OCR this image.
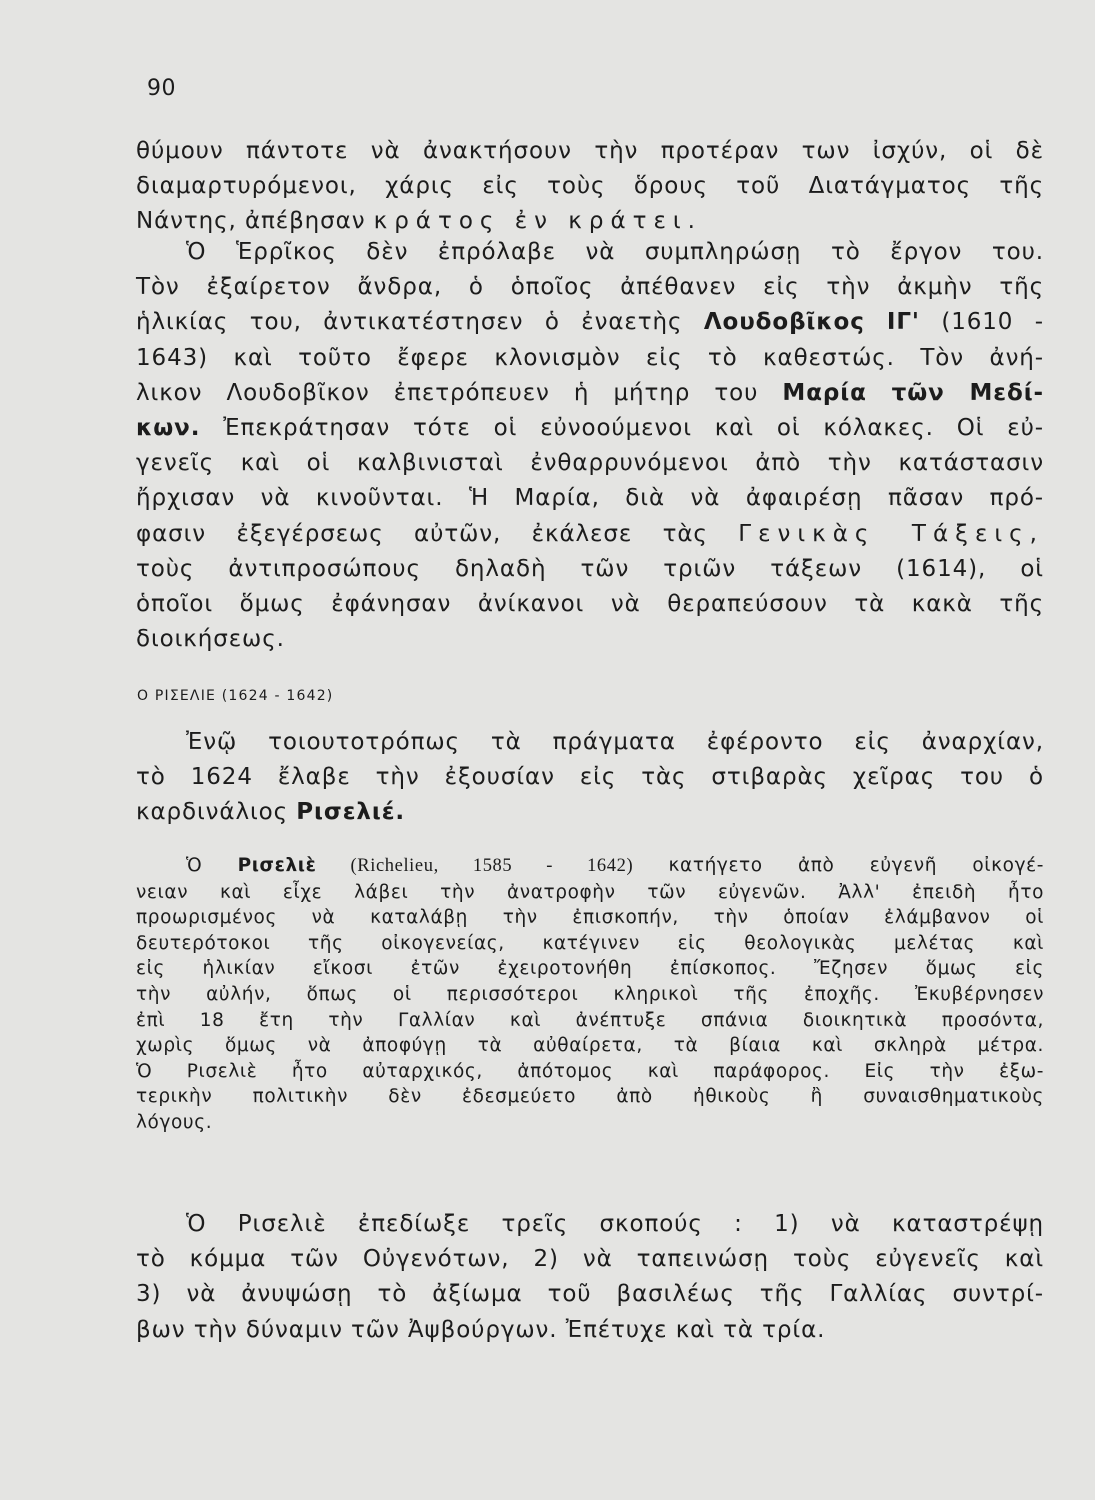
90

θύμουν πάντοτε νὰ ἀνακτήσουν τὴν προτέραν των ἰσχύν, οἱ δὲ
διαμαρτυρόμενοι, χάρις εἰς τοὺς ὅρους τοῦ Διατάγματος τῆς
Νάντης, ἀπέβησαν κράτος ἐν κράτει.

Ὁ Ἑρρῖκος δὲν ἐπρόλαβε νὰ συμπληρώσῃ τὸ ἔργον του.
Τὸν ἐξαίρετον ἄνδρα, ὁ ὁποῖος ἀπέθανεν εἰς τὴν ἀκμὴν τῆς
ἡλικίας του, ἀντικατέστησεν ὁ ἐναετὴς Λουδοβῖκος ΙΓ' (1610 -
1643) καὶ τοῦτο ἔφερε κλονισμὸν εἰς τὸ καθεστώς. Τὸν ἀνή-
λικον Λουδοβῖκον ἐπετρόπευεν ἡ μήτηρ του Μαρία τῶν Μεδί-
κων. Ἐπεκράτησαν τότε οἱ εὐνοούμενοι καὶ οἱ κόλακες. Οἱ εὐ-
γενεῖς καὶ οἱ καλβινισταὶ ἐνθαρρυνόμενοι ἀπὸ τὴν κατάστασιν
ἤρχισαν νὰ κινοῦνται. Ἡ Μαρία, διὰ νὰ ἀφαιρέσῃ πᾶσαν πρό-
φασιν ἐξεγέρσεως αὐτῶν, ἐκάλεσε τὰς Γενικὰς Τάξεις,
τοὺς ἀντιπροσώπους δηλαδὴ τῶν τριῶν τάξεων (1614), οἱ
ὁποῖοι ὅμως ἐφάνησαν ἀνίκανοι νὰ θεραπεύσουν τὰ κακὰ τῆς
διοικήσεως.

Ο ΡΙΣΕΛΙΕ (1624 - 1642)

Ἐνῷ τοιουτοτρόπως τὰ πράγματα ἐφέροντο εἰς ἀναρχίαν,
τὸ 1624 ἔλαβε τὴν ἐξουσίαν εἰς τὰς στιβαρὰς χεῖρας του ὁ
καρδινάλιος Ρισελιέ.

Ὁ Ρισελιὲ (Richelieu, 1585 - 1642) κατήγετο ἀπὸ εὐγενῆ οἰκογέ-
νειαν καὶ εἶχε λάβει τὴν ἀνατροφὴν τῶν εὐγενῶν. Ἀλλ' ἐπειδὴ ἦτο
προωρισμένος νὰ καταλάβῃ τὴν ἐπισκοπήν, τὴν ὁποίαν ἐλάμβανον οἱ
δευτερότοκοι τῆς οἰκογενείας, κατέγινεν εἰς θεολογικὰς μελέτας καὶ
εἰς ἡλικίαν εἴκοσι ἐτῶν ἐχειροτονήθη ἐπίσκοπος. Ἔζησεν ὅμως εἰς
τὴν αὐλήν, ὅπως οἱ περισσότεροι κληρικοὶ τῆς ἐποχῆς. Ἐκυβέρνησεν
ἐπὶ 18 ἔτη τὴν Γαλλίαν καὶ ἀνέπτυξε σπάνια διοικητικὰ προσόντα,
χωρὶς ὅμως νὰ ἀποφύγῃ τὰ αὐθαίρετα, τὰ βίαια καὶ σκληρὰ μέτρα.
Ὁ Ρισελιὲ ἦτο αὐταρχικός, ἀπότομος καὶ παράφορος. Εἰς τὴν ἐξω-
τερικὴν πολιτικὴν δὲν ἐδεσμεύετο ἀπὸ ἠθικοὺς ἢ συναισθηματικοὺς
λόγους.

Ὁ Ρισελιὲ ἐπεδίωξε τρεῖς σκοπούς : 1) νὰ καταστρέψῃ
τὸ κόμμα τῶν Οὐγενότων, 2) νὰ ταπεινώσῃ τοὺς εὐγενεῖς καὶ
3) νὰ ἀνυψώσῃ τὸ ἀξίωμα τοῦ βασιλέως τῆς Γαλλίας συντρί-
βων τὴν δύναμιν τῶν Ἀψβούργων. Ἐπέτυχε καὶ τὰ τρία.
